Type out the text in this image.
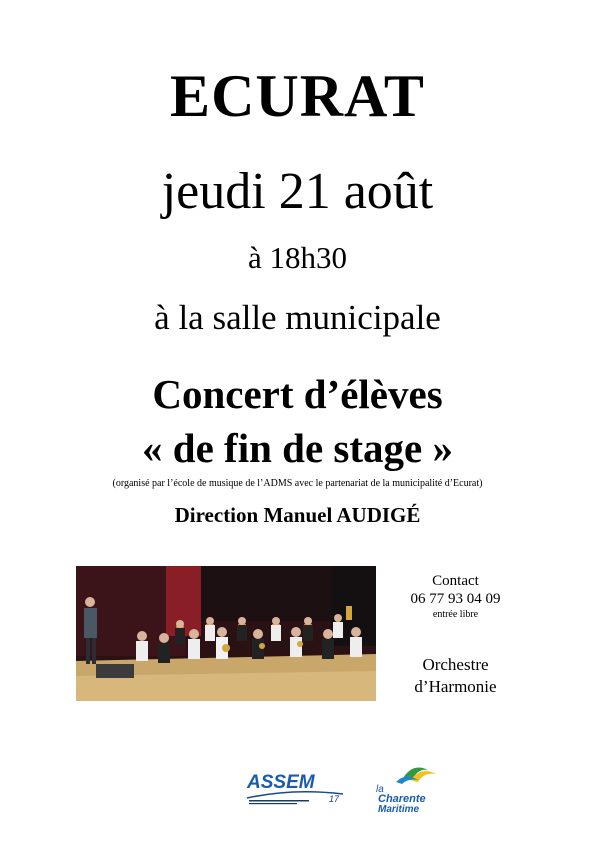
ECURAT
jeudi 21 août
à 18h30
à la salle municipale
Concert d’élèves
« de fin de stage »
(organisé par l’école de musique de l’ADMS avec le partenariat de la municipalité d’Ecurat)
Direction Manuel AUDIGÉ
Contact
06 77 93 04 09
entrée libre
Orchestre
d’Harmonie
ASSEM
17
la
Charente
Maritime
